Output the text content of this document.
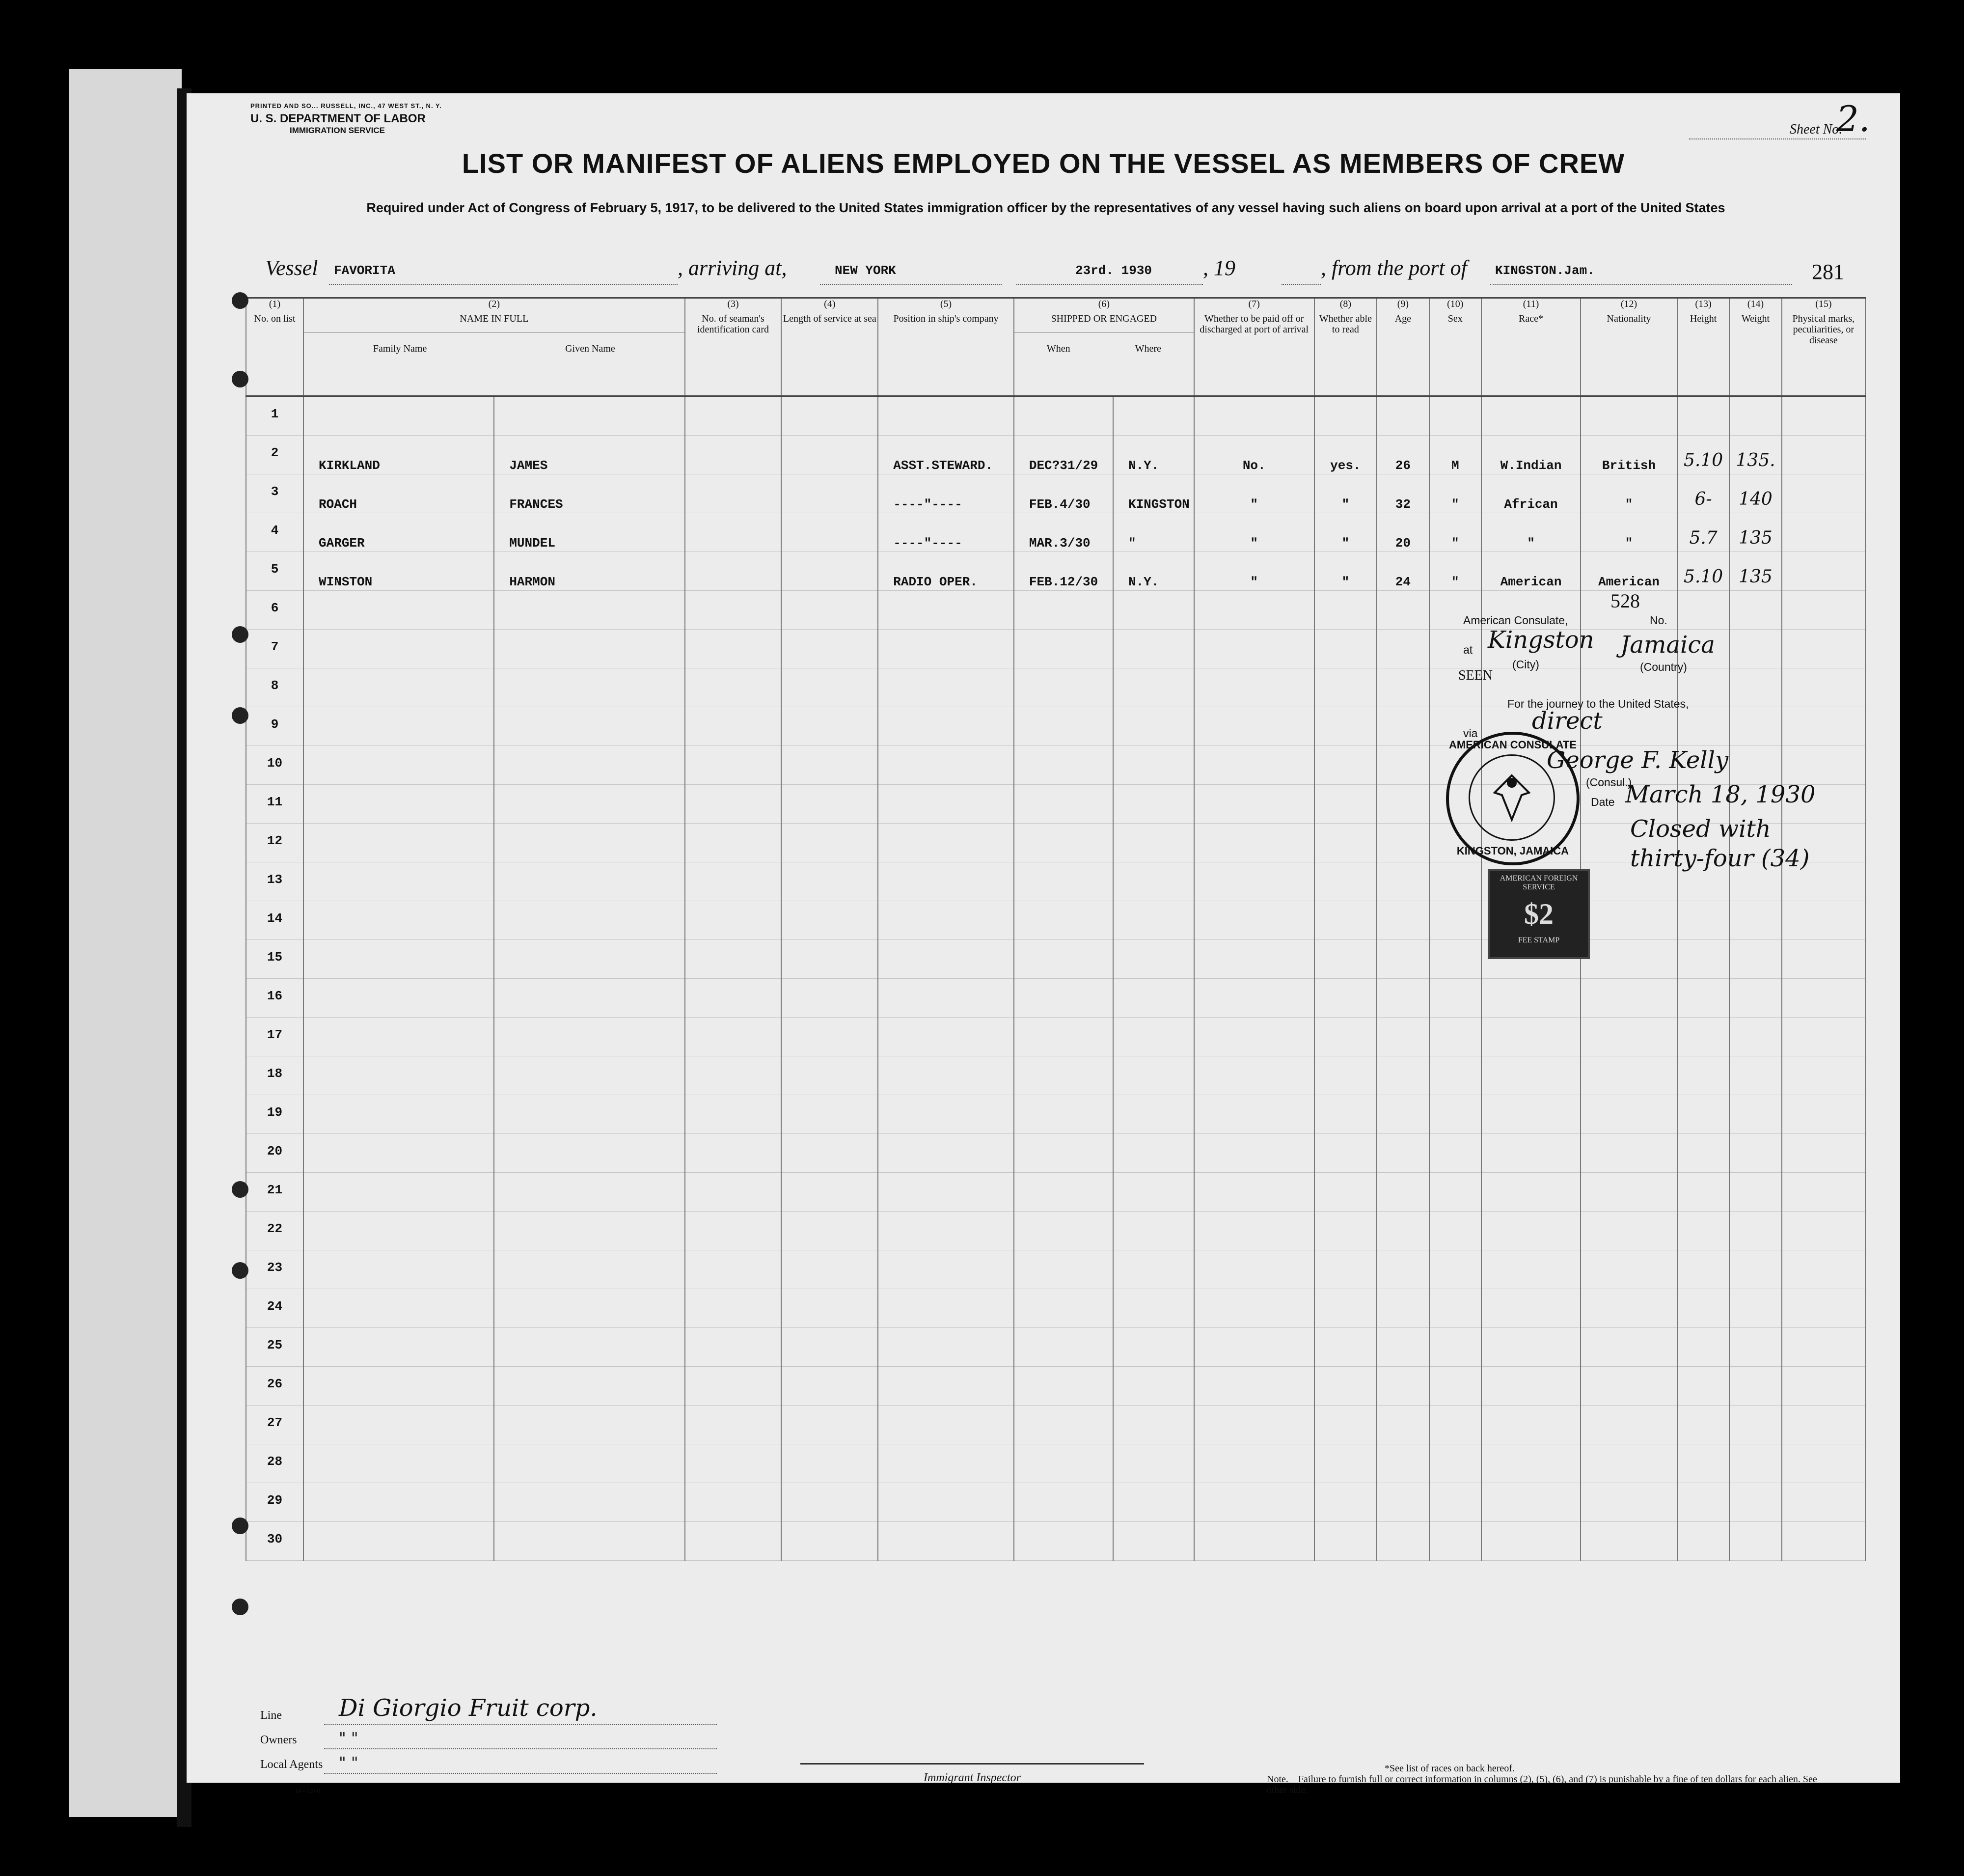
PRINTED AND SO... RUSSELL, INC., 47 WEST ST., N. Y.
U. S. DEPARTMENT OF LABOR
IMMIGRATION SERVICE	Sheet No.
2.
LIST OR MANIFEST OF ALIENS EMPLOYED ON THE VESSEL AS MEMBERS OF CREW
Required under Act of Congress of February 5, 1917, to be delivered to the United States immigration officer by the representatives of any vessel having such aliens on board upon arrival at a port of the United States
Vessel FAVORITA	, arriving at,	NEW YORK	23rd. 1930 , 19	, from the port of KINGSTON.Jam.	281
(1)
No. on list	(2)
NAME IN FULL
Family Name Given Name		(3)
No. of seaman's identification card	(4)
Length of service at sea	(5)
Position in ship's company	(6)
SHIPPED OR ENGAGED
When Where		(7)
Whether to be paid off or discharged at port of arrival	(8)
Whether able to read	(9)
Age	(10)
Sex	(11)
Race*	(12)
Nationality	(13)
Height	(14)
Weight	(15)
Physical marks, peculiarities, or disease
1																
2	KIRKLAND	JAMES			ASST.STEWARD.	DEC?31/29	N.Y.	No.	yes.	26	M	W.Indian	British	5.10	135.	
3	ROACH	FRANCES			----"----	FEB.4/30	KINGSTON	"	"	32	"	African	"	6-	140	
4	GARGER	MUNDEL			----"----	MAR.3/30	"	"	"	20	"	"	"	5.7	135	
5	WINSTON	HARMON			RADIO OPER.	FEB.12/30	N.Y.	"	"	24	"	American	American	5.10	135	
6																
7																
8																
9																
10																
11																
12																
13																
14																
15																
16																
17																
18																
19																
20																
21																
22																
23																
24																
25																
26																
27																
28																
29																
30																
528
American Consulate,	No.
at Kingston Jamaica
(City)	(Country)
SEEN
For the journey to the United States,
via direct
George F. Kelly
(Consul.)
Date March 18, 1930
Closed with
thirty-four (34)
AMERICAN CONSULATE
KINGSTON, JAMAICA
AMERICAN FOREIGN SERVICE
$2
FEE STAMP
Line Di Giorgio Fruit corp.
Owners	" "
Local Agents " "
14—1240
Immigrant Inspector
*See list of races on back hereof.
Note.—Failure to furnish full or correct information in columns (2), (5), (6), and (7) is punishable by a fine of ten dollars for each alien. See other side.
